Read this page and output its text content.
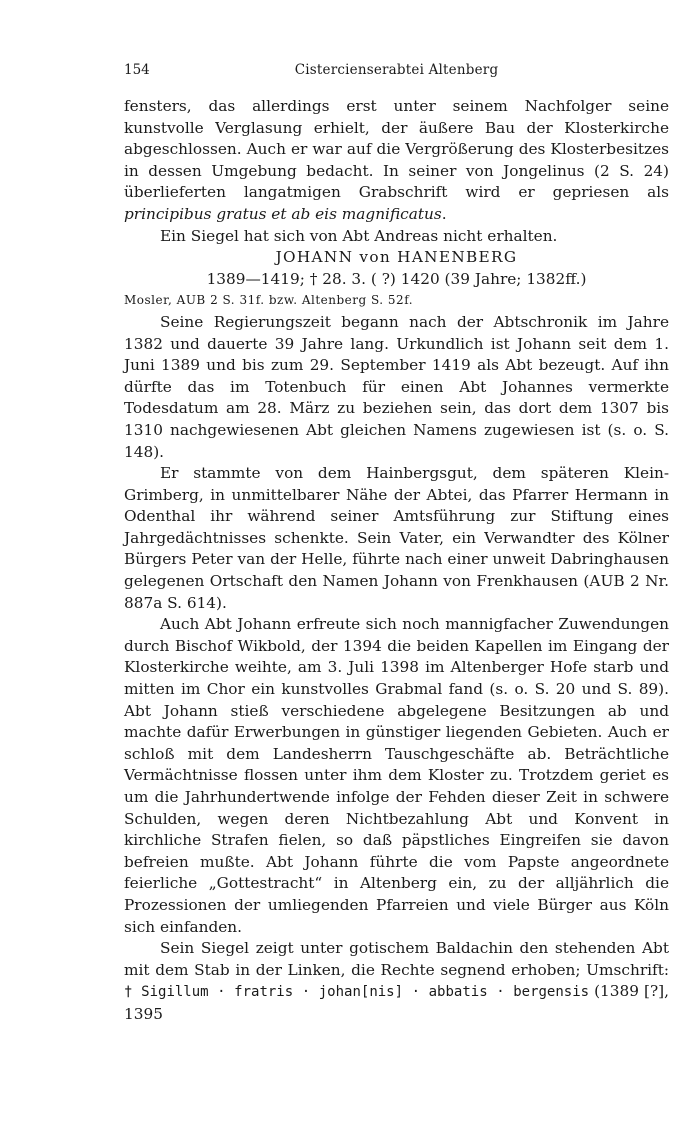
154	Cistercienserabtei Altenberg

fensters, das allerdings erst unter seinem Nachfolger seine kunstvolle Verglasung erhielt, der äußere Bau der Klosterkirche abgeschlossen. Auch er war auf die Vergrößerung des Klosterbesitzes in dessen Umgebung bedacht. In seiner von Jongelinus (2 S. 24) überlieferten langatmigen Grabschrift wird er gepriesen als principibus gratus et ab eis magnificatus.

Ein Siegel hat sich von Abt Andreas nicht erhalten.

JOHANN von HANENBERG

1389—1419; † 28. 3. ( ?) 1420 (39 Jahre; 1382ff.)

Mosler, AUB 2 S. 31f. bzw. Altenberg S. 52f.

Seine Regierungszeit begann nach der Abtschronik im Jahre 1382 und dauerte 39 Jahre lang. Urkundlich ist Johann seit dem 1. Juni 1389 und bis zum 29. September 1419 als Abt bezeugt. Auf ihn dürfte das im Totenbuch für einen Abt Johannes vermerkte Todesdatum am 28. März zu beziehen sein, das dort dem 1307 bis 1310 nachgewiesenen Abt gleichen Namens zugewiesen ist (s. o. S. 148).

Er stammte von dem Hainbergsgut, dem späteren Klein-Grimberg, in unmittelbarer Nähe der Abtei, das Pfarrer Hermann in Odenthal ihr während seiner Amtsführung zur Stiftung eines Jahrgedächtnisses schenkte. Sein Vater, ein Verwandter des Kölner Bürgers Peter van der Helle, führte nach einer unweit Dabringhausen gelegenen Ortschaft den Namen Johann von Frenkhausen (AUB 2 Nr. 887a S. 614).

Auch Abt Johann erfreute sich noch mannigfacher Zuwendungen durch Bischof Wikbold, der 1394 die beiden Kapellen im Eingang der Klosterkirche weihte, am 3. Juli 1398 im Altenberger Hofe starb und mitten im Chor ein kunstvolles Grabmal fand (s. o. S. 20 und S. 89). Abt Johann stieß verschiedene abgelegene Besitzungen ab und machte dafür Erwerbungen in günstiger liegenden Gebieten. Auch er schloß mit dem Landesherrn Tauschgeschäfte ab. Beträchtliche Vermächtnisse flossen unter ihm dem Kloster zu. Trotzdem geriet es um die Jahrhundertwende infolge der Fehden dieser Zeit in schwere Schulden, wegen deren Nichtbezahlung Abt und Konvent in kirchliche Strafen fielen, so daß päpstliches Eingreifen sie davon befreien mußte. Abt Johann führte die vom Papste angeordnete feierliche „Gottestracht“ in Altenberg ein, zu der alljährlich die Prozessionen der umliegenden Pfarreien und viele Bürger aus Köln sich einfanden.

Sein Siegel zeigt unter gotischem Baldachin den stehenden Abt mit dem Stab in der Linken, die Rechte segnend erhoben; Umschrift: † Sigillum · fratris · johan[nis] · abbatis · bergensis (1389 [?], 1395
